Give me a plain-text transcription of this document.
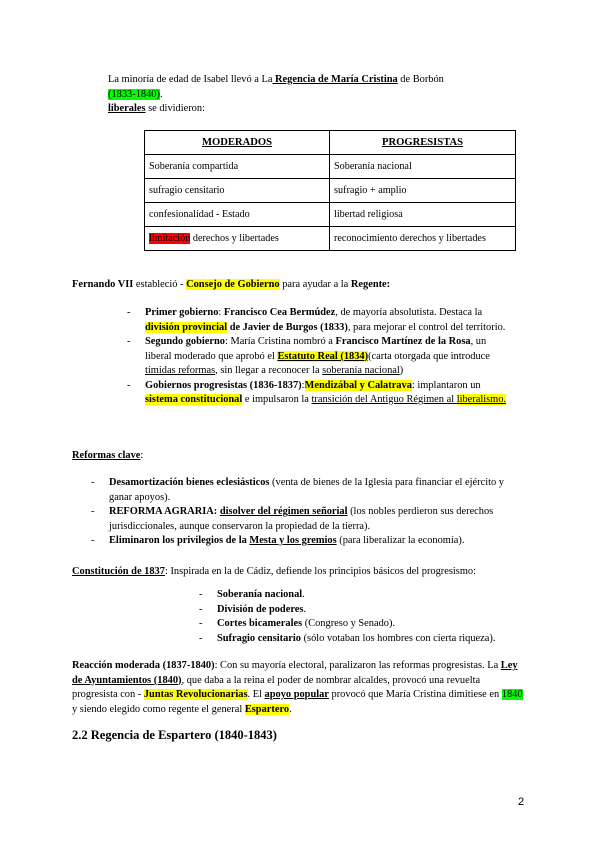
La minoría de edad de Isabel llevó a La Regencia de María Cristina de Borbón
(1833-1840).
liberales se dividieron:
MODERADOS	PROGRESISTAS
Soberanía compartida	Soberanía nacional
sufragio censitario	sufragio + amplio
confesionalidad - Estado	libertad religiosa
limitación derechos y libertades	reconocimiento derechos y libertades
Fernando VII estableció - Consejo de Gobierno para ayudar a la Regente:
- Primer gobierno: Francisco Cea Bermúdez, de mayoría absolutista. Destaca la división provincial de Javier de Burgos (1833), para mejorar el control del territorio.
- Segundo gobierno: María Cristina nombró a Francisco Martínez de la Rosa, un liberal moderado que aprobó el Estatuto Real (1834)(carta otorgada que introduce tímidas reformas, sin llegar a reconocer la soberanía nacional)
- Gobiernos progresistas (1836-1837):Mendizábal y Calatrava: implantaron un sistema constitucional e impulsaron la transición del Antiguo Régimen al liberalismo.
Reformas clave:
- Desamortización bienes eclesiásticos (venta de bienes de la Iglesia para financiar el ejército y ganar apoyos).
- REFORMA AGRARIA: disolver del régimen señorial (los nobles perdieron sus derechos jurisdiccionales, aunque conservaron la propiedad de la tierra).
- Eliminaron los privilegios de la Mesta y los gremios (para liberalizar la economía).
Constitución de 1837: Inspirada en la de Cádiz, defiende los principios básicos del progresismo:
- Soberanía nacional.
- División de poderes.
- Cortes bicamerales (Congreso y Senado).
- Sufragio censitario (sólo votaban los hombres con cierta riqueza).
Reacción moderada (1837-1840): Con su mayoría electoral, paralizaron las reformas progresistas. La Ley de Ayuntamientos (1840), que daba a la reina el poder de nombrar alcaldes, provocó una revuelta progresista con - Juntas Revolucionarias. El apoyo popular provocó que María Cristina dimitiese en 1840 y siendo elegido como regente el general Espartero.
2.2 Regencia de Espartero (1840-1843)
2
